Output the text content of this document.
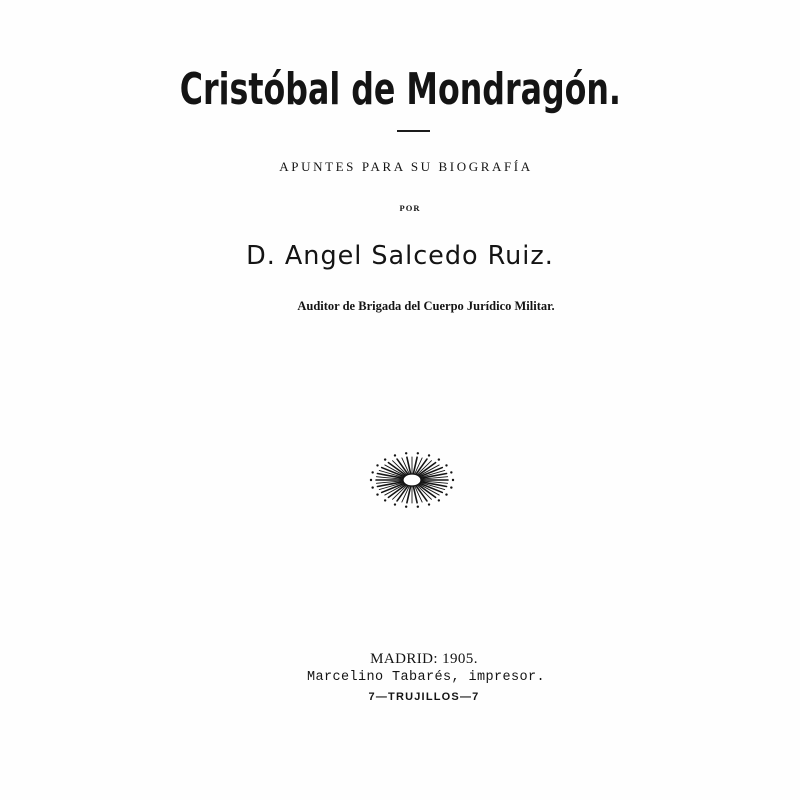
Cristóbal de Mondragón.
APUNTES PARA SU BIOGRAFÍA
POR
D. Angel Salcedo Ruiz.
Auditor de Brigada del Cuerpo Jurídico Militar.
MADRID: 1905.
Marcelino Tabarés, impresor.
7—TRUJILLOS—7
